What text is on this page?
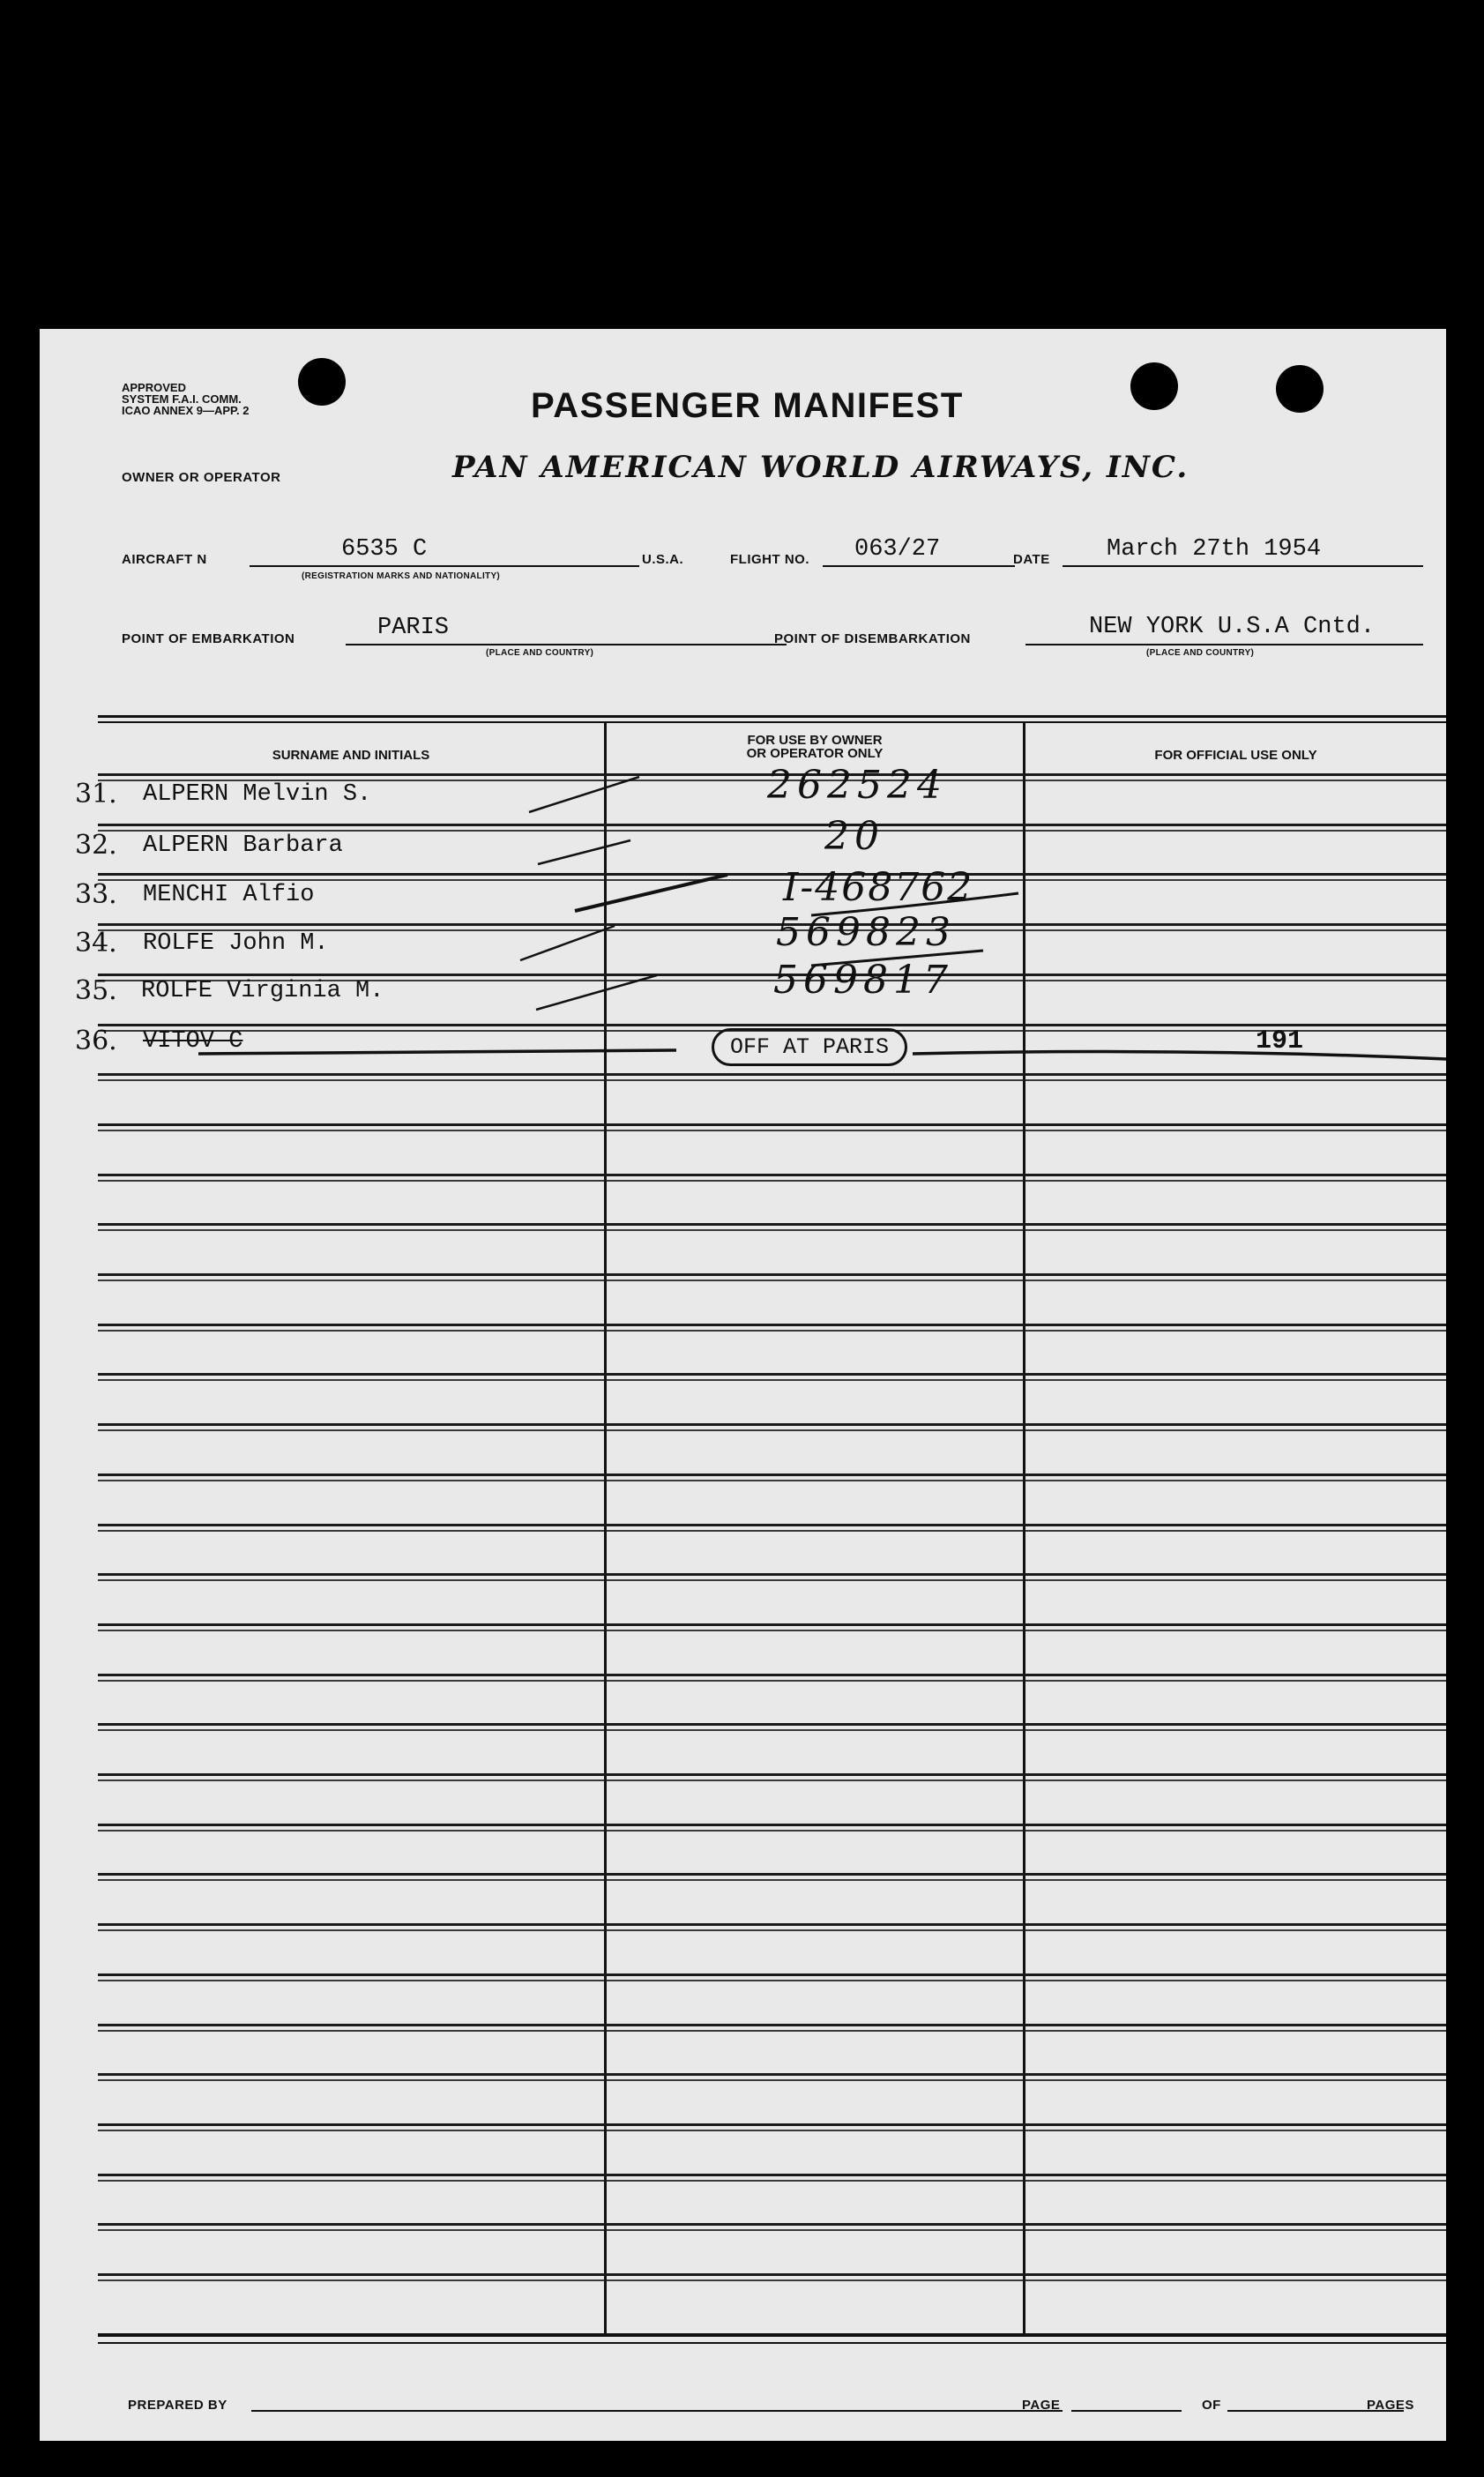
APPROVED
SYSTEM F.A.I. COMM.
ICAO ANNEX 9—APP. 2	PASSENGER MANIFEST
OWNER OR OPERATOR	PAN AMERICAN WORLD AIRWAYS, INC.
AIRCRAFT N	6535 C
(REGISTRATION MARKS AND NATIONALITY)
U.S.A.	FLIGHT NO. 063/27	DATE March 27th 1954
POINT OF EMBARKATION	PARIS
(PLACE AND COUNTRY)
POINT OF DISEMBARKATION	NEW YORK U.S.A Cntd.
(PLACE AND COUNTRY)
SURNAME AND INITIALS
FOR USE BY OWNER
OR OPERATOR ONLY	FOR OFFICIAL USE ONLY
31. ALPERN Melvin S.	262524
32. ALPERN Barbara	20
33. MENCHI Alfio	I-468762
34. ROLFE John M.	569823
35. ROLFE Virginia M.	569817
36. VITOV C	OFF AT PARIS	191
PREPARED BY	PAGE	OF	PAGES
